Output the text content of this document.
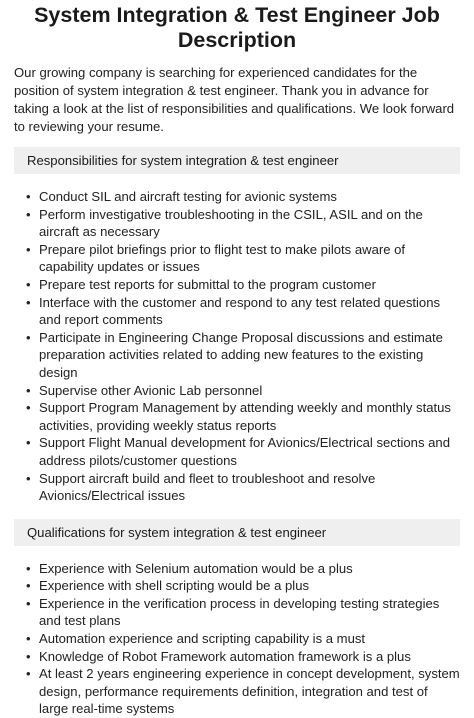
System Integration & Test Engineer Job Description

Our growing company is searching for experienced candidates for the position of system integration & test engineer. Thank you in advance for taking a look at the list of responsibilities and qualifications. We look forward to reviewing your resume.

Responsibilities for system integration & test engineer
• Conduct SIL and aircraft testing for avionic systems
• Perform investigative troubleshooting in the CSIL, ASIL and on the aircraft as necessary
• Prepare pilot briefings prior to flight test to make pilots aware of capability updates or issues
• Prepare test reports for submittal to the program customer
• Interface with the customer and respond to any test related questions and report comments
• Participate in Engineering Change Proposal discussions and estimate preparation activities related to adding new features to the existing design
• Supervise other Avionic Lab personnel
• Support Program Management by attending weekly and monthly status activities, providing weekly status reports
• Support Flight Manual development for Avionics/Electrical sections and address pilots/customer questions
• Support aircraft build and fleet to troubleshoot and resolve Avionics/Electrical issues
Qualifications for system integration & test engineer
• Experience with Selenium automation would be a plus
• Experience with shell scripting would be a plus
• Experience in the verification process in developing testing strategies and test plans
• Automation experience and scripting capability is a must
• Knowledge of Robot Framework automation framework is a plus
• At least 2 years engineering experience in concept development, system design, performance requirements definition, integration and test of large real-time systems
